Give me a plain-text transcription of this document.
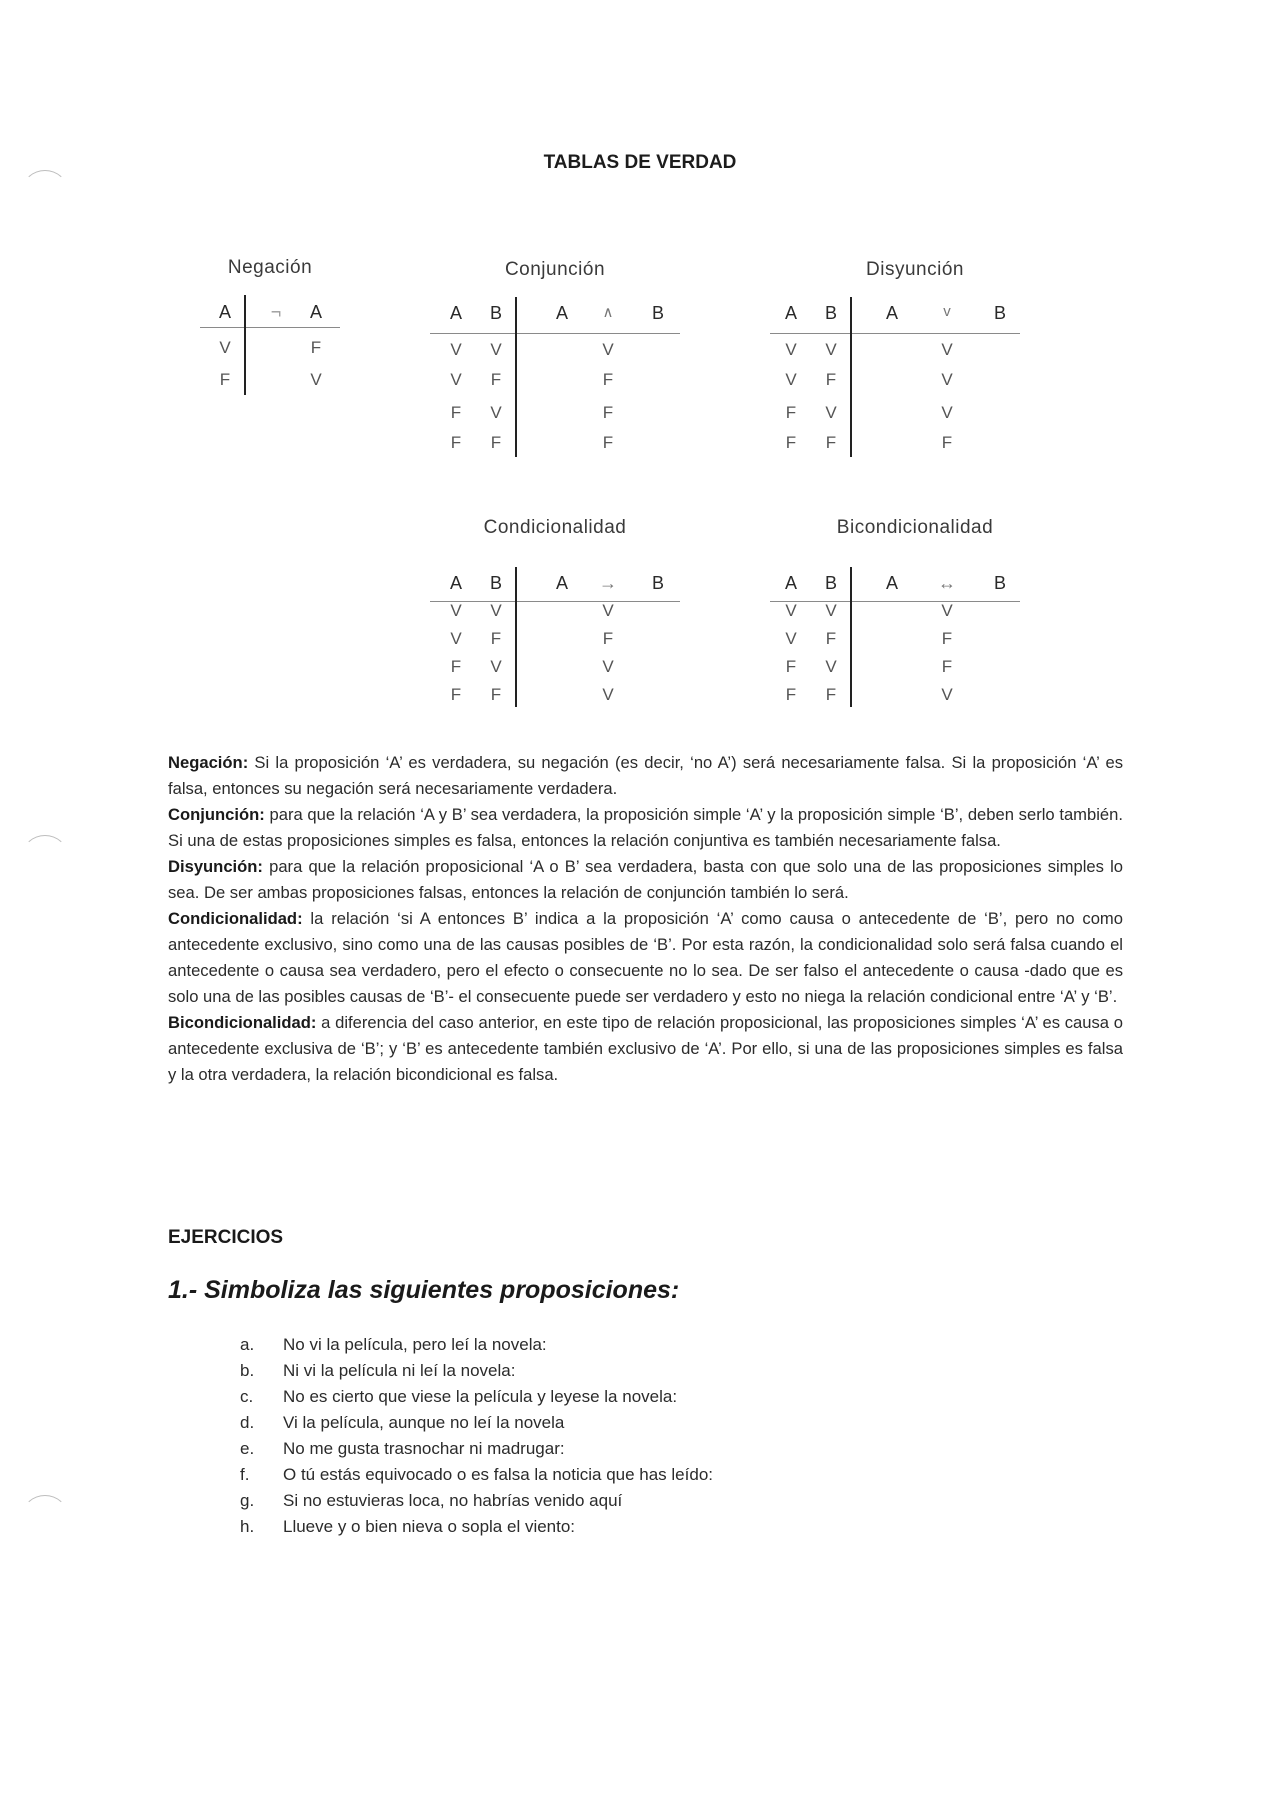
TABLAS DE VERDAD
Negación
A ¬ A
V	F
F	V
Conjunción
A B	A ∧ B
V V	V
V F	F
F V	F
F F	F
Disyunción
A B	A	v B
V V	V
V F	V
F V	V
F F	F
Condicionalidad
A B	A → B
V V	V
V F	F
F V	V
F F	V
Bicondicionalidad
A B	A ↔ B
V V	V
V F	F
F V	F
F F	V

Negación: Si la proposición ‘A’ es verdadera, su negación (es decir, ‘no A’) será necesariamente falsa. Si la proposición ‘A’ es falsa, entonces su negación será necesariamente verdadera.

Conjunción: para que la relación ‘A y B’ sea verdadera, la proposición simple ‘A’ y la proposición simple ‘B’, deben serlo también. Si una de estas proposiciones simples es falsa, entonces la relación conjuntiva es también necesariamente falsa.

Disyunción: para que la relación proposicional ‘A o B’ sea verdadera, basta con que solo una de las proposiciones simples lo sea. De ser ambas proposiciones falsas, entonces la relación de conjunción también lo será.

Condicionalidad: la relación ‘si A entonces B’ indica a la proposición ‘A’ como causa o antecedente de ‘B’, pero no como antecedente exclusivo, sino como una de las causas posibles de ‘B’. Por esta razón, la condicionalidad solo será falsa cuando el antecedente o causa sea verdadero, pero el efecto o consecuente no lo sea. De ser falso el antecedente o causa -dado que es solo una de las posibles causas de ‘B’- el consecuente puede ser verdadero y esto no niega la relación condicional entre ‘A’ y ‘B’.

Bicondicionalidad: a diferencia del caso anterior, en este tipo de relación proposicional, las proposiciones simples ‘A’ es causa o antecedente exclusiva de ‘B’; y ‘B’ es antecedente también exclusivo de ‘A’. Por ello, si una de las proposiciones simples es falsa y la otra verdadera, la relación bicondicional es falsa.

EJERCICIOS
1.- Simboliza las siguientes proposiciones:
a. No vi la película, pero leí la novela:
b. Ni vi la película ni leí la novela:
c. No es cierto que viese la película y leyese la novela:
d. Vi la película, aunque no leí la novela
e. No me gusta trasnochar ni madrugar:
f. O tú estás equivocado o es falsa la noticia que has leído:
g. Si no estuvieras loca, no habrías venido aquí
h. Llueve y o bien nieva o sopla el viento:
